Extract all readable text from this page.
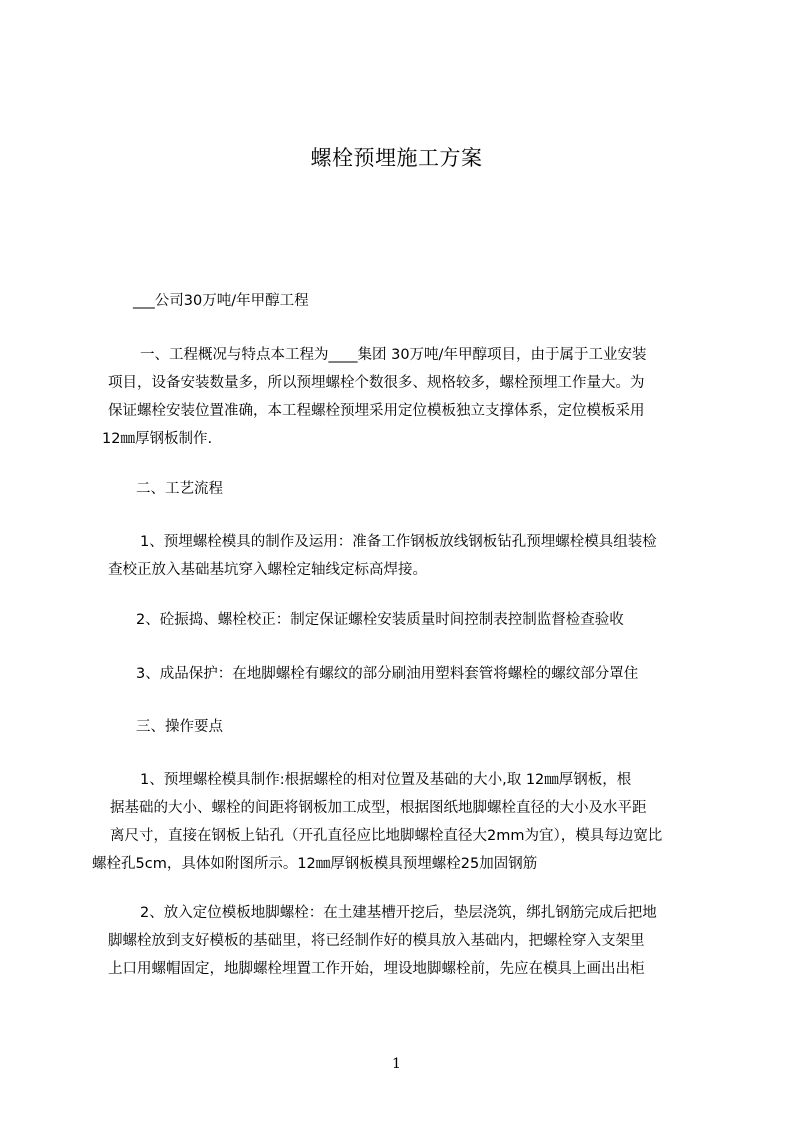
螺栓预埋施工方案

___公司30万吨/年甲醇工程

一、工程概况与特点本工程为____集团 30万吨/年甲醇项目，由于属于工业安装
项目，设备安装数量多，所以预埋螺栓个数很多、规格较多，螺栓预埋工作量大。为
保证螺栓安装位置准确，本工程螺栓预埋采用定位模板独立支撑体系，定位模板采用
12㎜厚钢板制作.

二、工艺流程

1、预埋螺栓模具的制作及运用：准备工作钢板放线钢板钻孔预埋螺栓模具组装检
查校正放入基础基坑穿入螺栓定轴线定标高焊接。

2、砼振捣、螺栓校正：制定保证螺栓安装质量时间控制表控制监督检查验收

3、成品保护：在地脚螺栓有螺纹的部分刷油用塑料套管将螺栓的螺纹部分罩住

三、操作要点

1、预埋螺栓模具制作:根据螺栓的相对位置及基础的大小,取 12㎜厚钢板，根
据基础的大小、螺栓的间距将钢板加工成型，根据图纸地脚螺栓直径的大小及水平距
离尺寸，直接在钢板上钻孔（开孔直径应比地脚螺栓直径大2mm为宜），模具每边宽比
螺栓孔5cm，具体如附图所示。12㎜厚钢板模具预埋螺栓25加固钢筋
2、放入定位模板地脚螺栓：在土建基槽开挖后，垫层浇筑，绑扎钢筋完成后把地
脚螺栓放到支好模板的基础里，将已经制作好的模具放入基础内，把螺栓穿入支架里
上口用螺帽固定，地脚螺栓埋置工作开始，埋设地脚螺栓前，先应在模具上画出出柜
1
